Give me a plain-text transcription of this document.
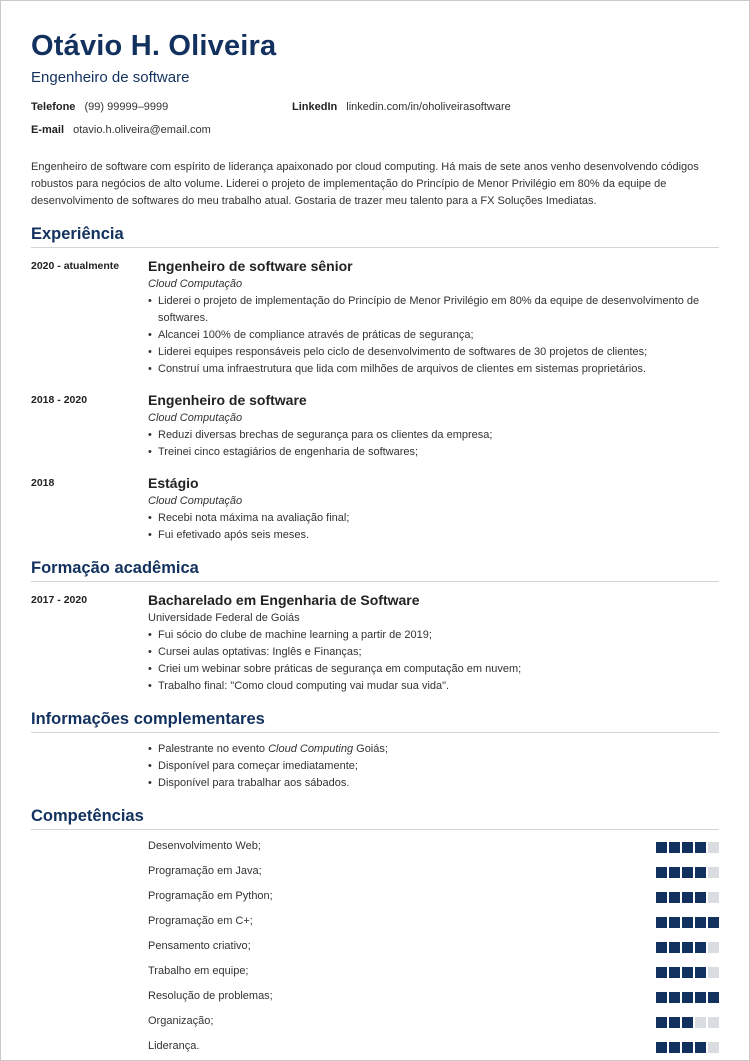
Otávio H. Oliveira
Engenheiro de software
Telefone (99) 99999–9999	LinkedIn linkedin.com/in/oholiveirasoftware
E-mail otavio.h.oliveira@email.com

Engenheiro de software com espírito de liderança apaixonado por cloud computing. Há mais de sete anos venho desenvolvendo códigos robustos para negócios de alto volume. Liderei o projeto de implementação do Princípio de Menor Privilégio em 80% da equipe de desenvolvimento de softwares do meu trabalho atual. Gostaria de trazer meu talento para a FX Soluções Imediatas.

Experiência
2020 - atualmente Engenheiro de software sênior
Cloud Computação
• Liderei o projeto de implementação do Princípio de Menor Privilégio em 80% da equipe de desenvolvimento de softwares.
• Alcancei 100% de compliance através de práticas de segurança;
• Liderei equipes responsáveis pelo ciclo de desenvolvimento de softwares de 30 projetos de clientes;
• Construí uma infraestrutura que lida com milhões de arquivos de clientes em sistemas proprietários.
2018 - 2020	Engenheiro de software
Cloud Computação
• Reduzi diversas brechas de segurança para os clientes da empresa;
• Treinei cinco estagiários de engenharia de softwares;
2018	Estágio
Cloud Computação
• Recebi nota máxima na avaliação final;
• Fui efetivado após seis meses.
Formação acadêmica
2017 - 2020	Bacharelado em Engenharia de Software
Universidade Federal de Goiás
• Fui sócio do clube de machine learning a partir de 2019;
• Cursei aulas optativas: Inglês e Finanças;
• Criei um webinar sobre práticas de segurança em computação em nuvem;
• Trabalho final: "Como cloud computing vai mudar sua vida".
Informações complementares
• Palestrante no evento Cloud Computing Goiás;
• Disponível para começar imediatamente;
• Disponível para trabalhar aos sábados.
Competências
Desenvolvimento Web;
Programação em Java;
Programação em Python;
Programação em C+;
Pensamento criativo;
Trabalho em equipe;
Resolução de problemas;
Organização;
Liderança.
